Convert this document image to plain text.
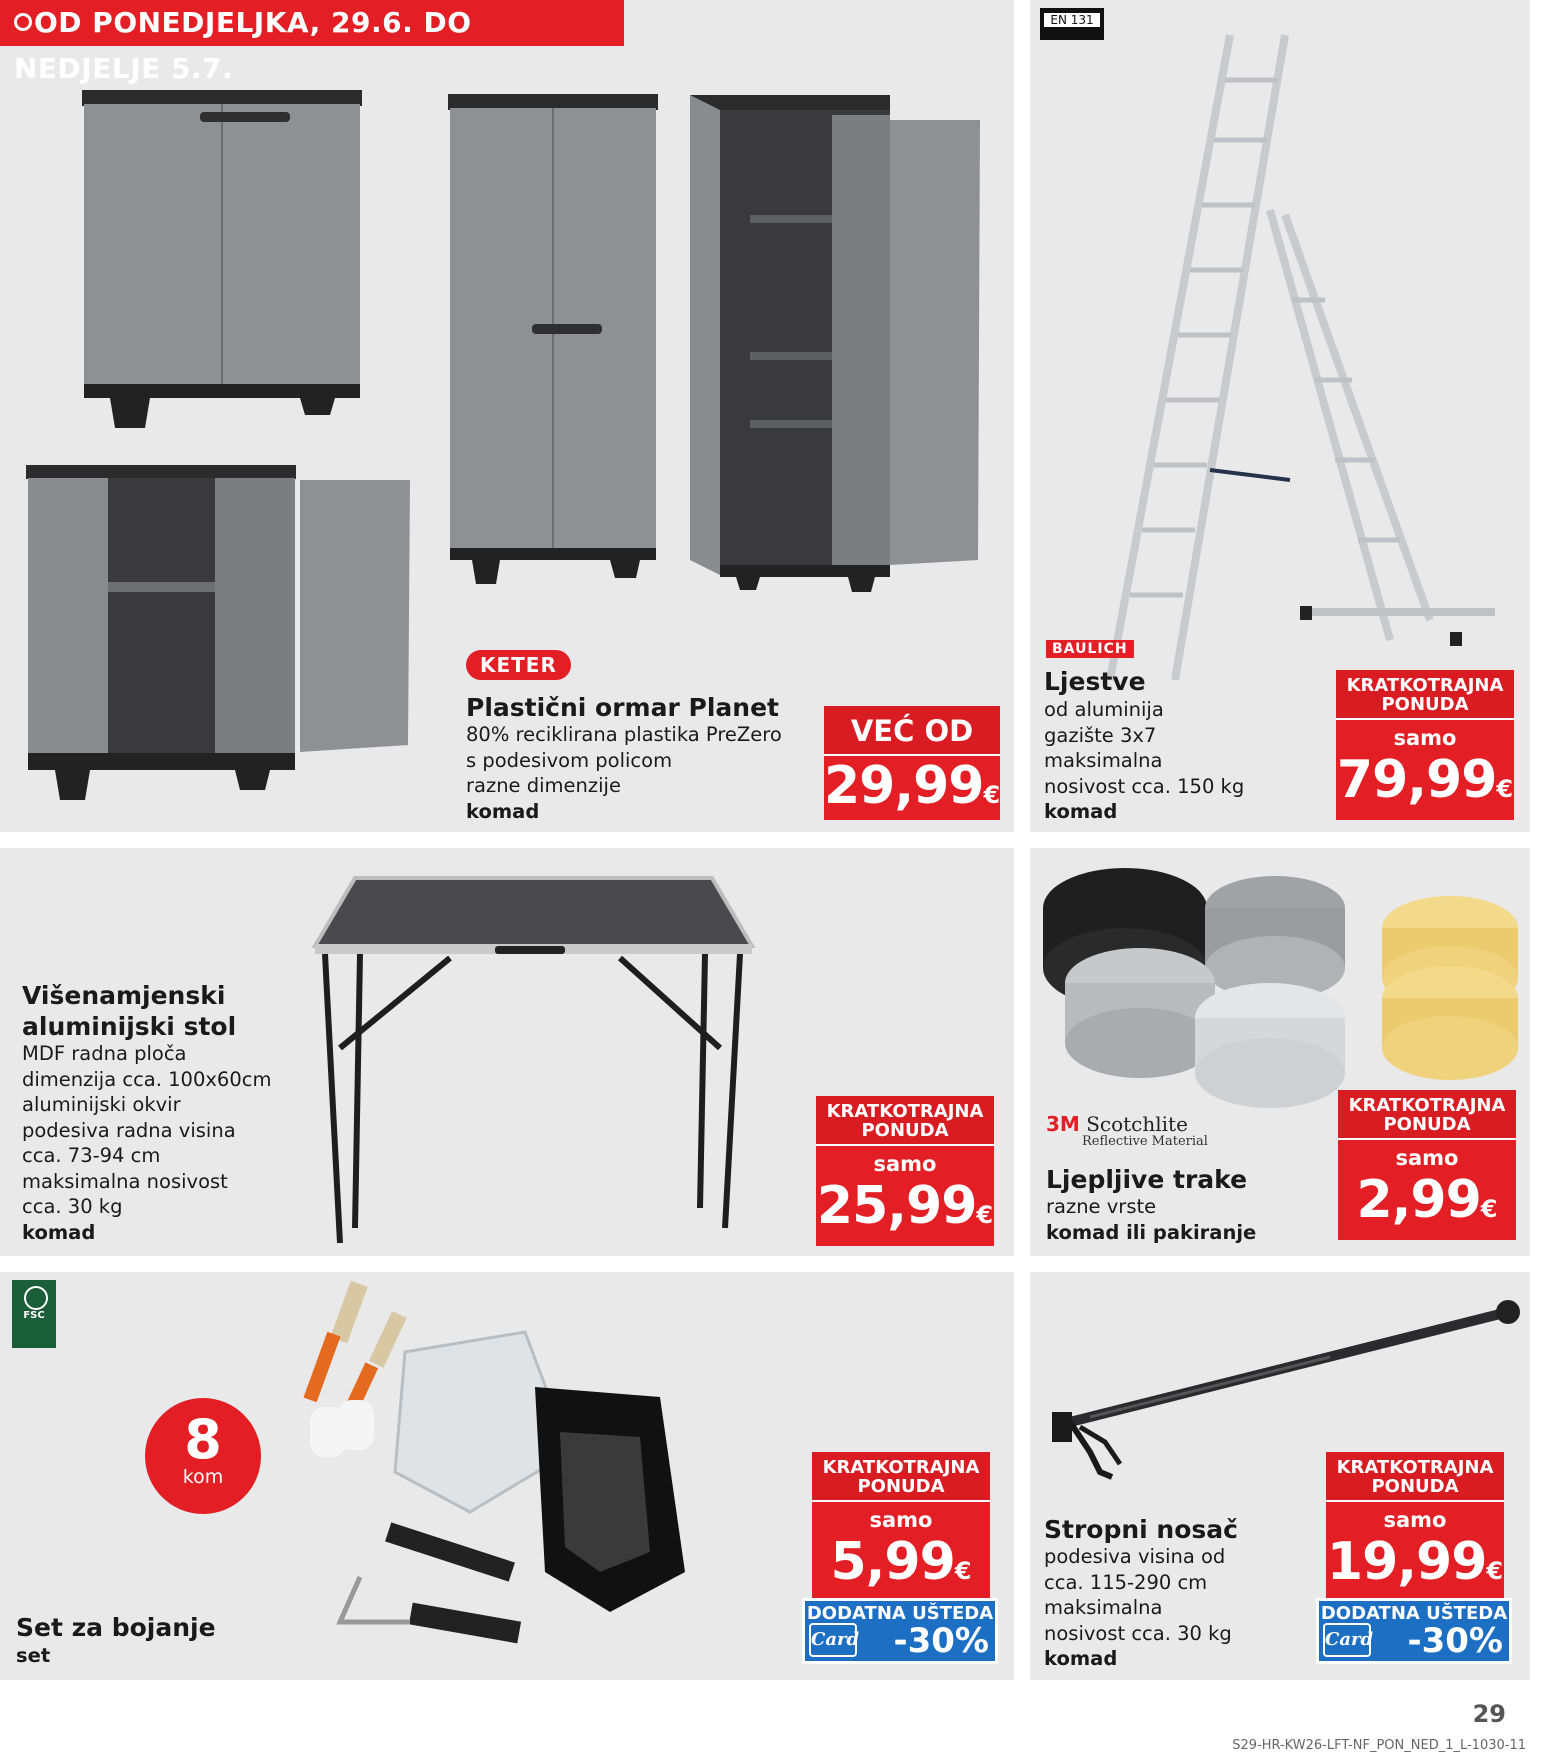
OD PONEDJELJKA, 29.6. DO NEDJELJE 5.7.
KETER
Plastični ormar Planet
80% reciklirana plastika PreZero
s podesivom policom
razne dimenzije
komad
VEĆ OD
29,99€
EN 131
BAULICH
Ljestve
od aluminija
gazište 3x7
maksimalna
nosivost cca. 150 kg
komad
KRATKOTRAJNA
PONUDA
samo
79,99€
Višenamjenski
aluminijski stol
MDF radna ploča
dimenzija cca. 100x60cm
aluminijski okvir
podesiva radna visina
cca. 73-94 cm
maksimalna nosivost
cca. 30 kg
komad
KRATKOTRAJNA
PONUDA
samo
25,99€
3M Scotchlite
Reflective Material
Ljepljive trake
razne vrste
komad ili pakiranje
KRATKOTRAJNA
PONUDA
samo
2,99€
FSC
8
kom
Set za bojanje
set
KRATKOTRAJNA
PONUDA
samo
5,99€
DODATNA UŠTEDA
Card -30%
Stropni nosač
podesiva visina od
cca. 115-290 cm
maksimalna
nosivost cca. 30 kg
komad
KRATKOTRAJNA
PONUDA
samo
19,99€
DODATNA UŠTEDA
Card -30%
29
S29-HR-KW26-LFT-NF_PON_NED_1_L-1030-11
